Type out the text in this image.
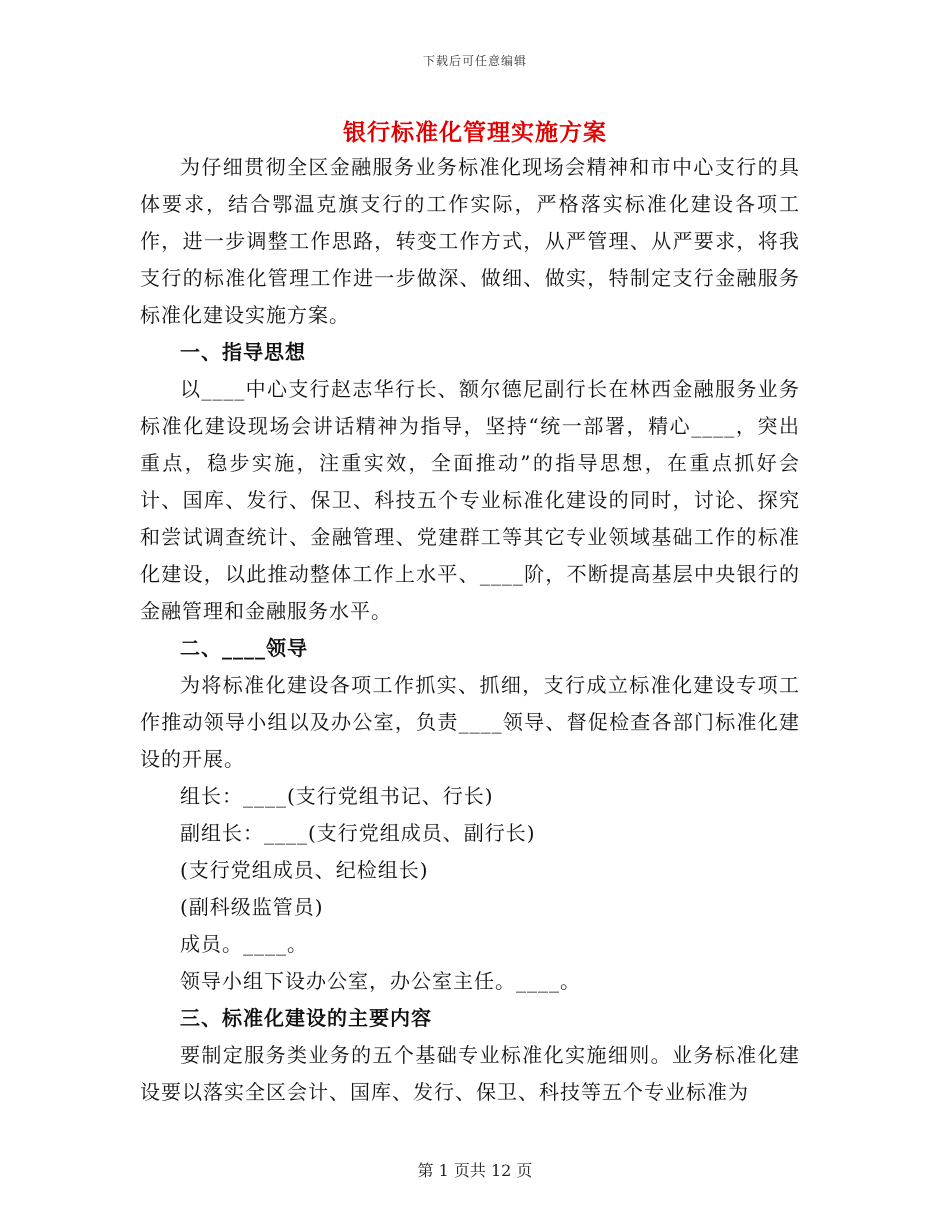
下载后可任意编辑
银行标准化管理实施方案

为仔细贯彻全区金融服务业务标准化现场会精神和市中心支行的具体要求，结合鄂温克旗支行的工作实际，严格落实标准化建设各项工作，进一步调整工作思路，转变工作方式，从严管理、从严要求，将我支行的标准化管理工作进一步做深、做细、做实，特制定支行金融服务标准化建设实施方案。

一、指导思想

以____中心支行赵志华行长、额尔德尼副行长在林西金融服务业务标准化建设现场会讲话精神为指导，坚持“统一部署，精心____，突出重点，稳步实施，注重实效，全面推动”的指导思想，在重点抓好会计、国库、发行、保卫、科技五个专业标准化建设的同时，讨论、探究和尝试调查统计、金融管理、党建群工等其它专业领域基础工作的标准化建设，以此推动整体工作上水平、____阶，不断提高基层中央银行的金融管理和金融服务水平。

二、____领导

为将标准化建设各项工作抓实、抓细，支行成立标准化建设专项工作推动领导小组以及办公室，负责____领导、督促检查各部门标准化建设的开展。

组长：____(支行党组书记、行长)

副组长：____(支行党组成员、副行长)

(支行党组成员、纪检组长)

(副科级监管员)

成员。____。

领导小组下设办公室，办公室主任。____。

三、标准化建设的主要内容

要制定服务类业务的五个基础专业标准化实施细则。业务标准化建设要以落实全区会计、国库、发行、保卫、科技等五个专业标准为

第 1 页共 12 页
